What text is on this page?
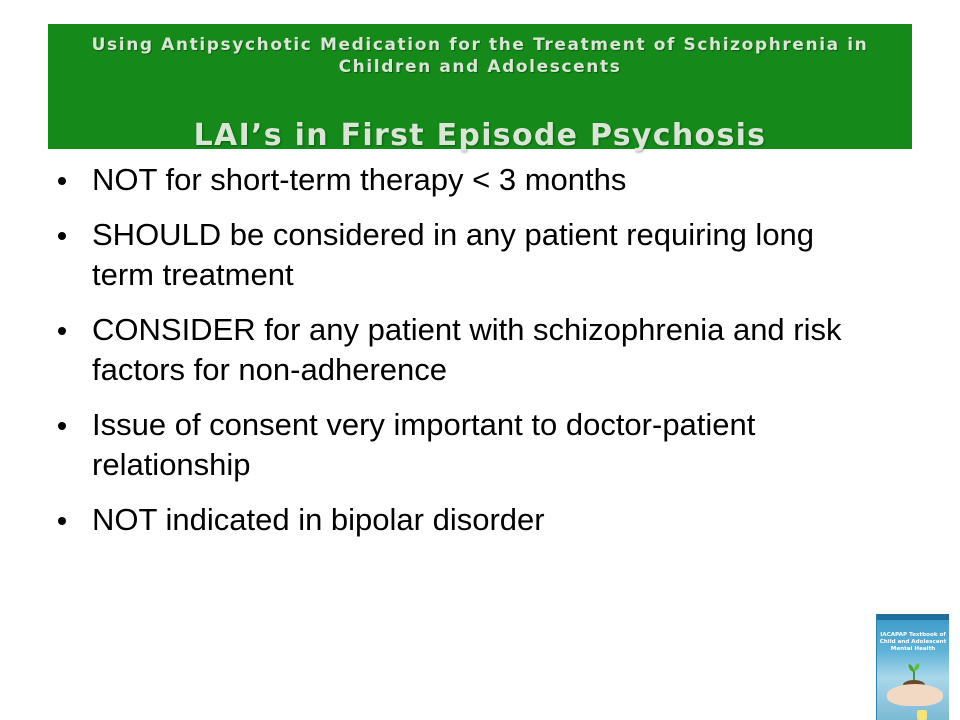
Using Antipsychotic Medication for the Treatment of Schizophrenia in Children and Adolescents
LAI’s in First Episode Psychosis
NOT for short-term therapy < 3 months
SHOULD be considered in any patient requiring long term treatment
CONSIDER for any patient with schizophrenia and risk factors for non-adherence
Issue of consent very important to doctor-patient relationship
NOT indicated in bipolar disorder
IACAPAP Textbook of Child and Adolescent Mental Health
